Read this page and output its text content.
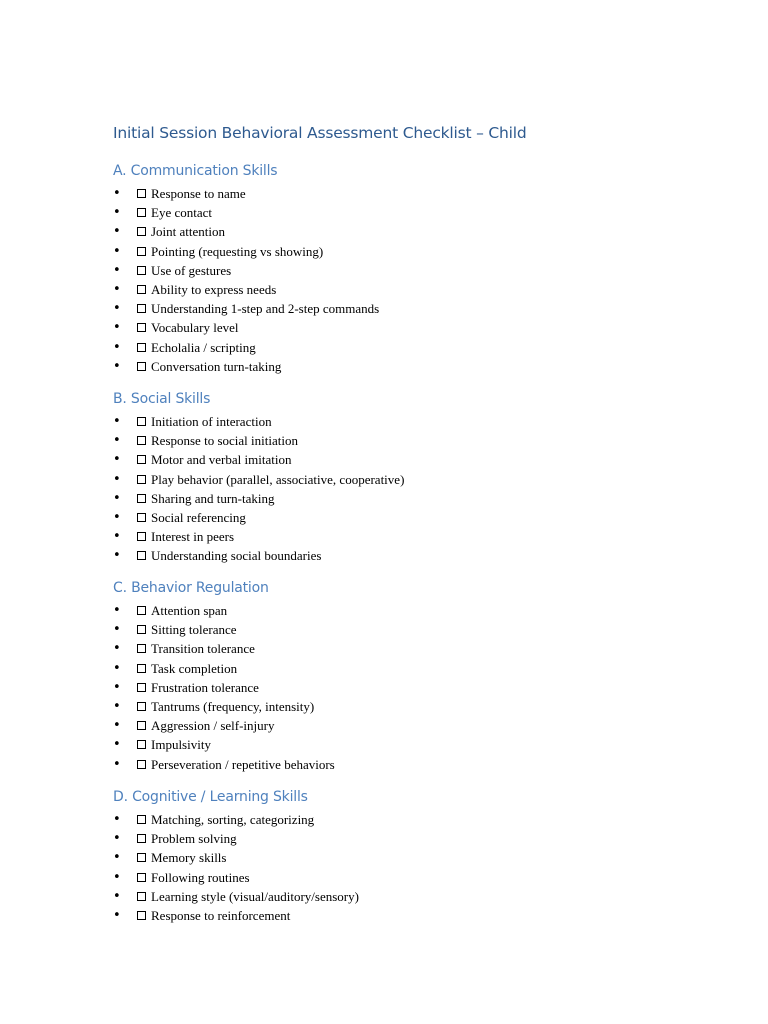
Initial Session Behavioral Assessment Checklist – Child
A. Communication Skills
• Response to name
• Eye contact
• Joint attention
• Pointing (requesting vs showing)
• Use of gestures
• Ability to express needs
• Understanding 1-step and 2-step commands
• Vocabulary level
• Echolalia / scripting
• Conversation turn-taking
B. Social Skills
• Initiation of interaction
• Response to social initiation
• Motor and verbal imitation
• Play behavior (parallel, associative, cooperative)
• Sharing and turn-taking
• Social referencing
• Interest in peers
• Understanding social boundaries
C. Behavior Regulation
• Attention span
• Sitting tolerance
• Transition tolerance
• Task completion
• Frustration tolerance
• Tantrums (frequency, intensity)
• Aggression / self-injury
• Impulsivity
• Perseveration / repetitive behaviors
D. Cognitive / Learning Skills
• Matching, sorting, categorizing
• Problem solving
• Memory skills
• Following routines
• Learning style (visual/auditory/sensory)
• Response to reinforcement
